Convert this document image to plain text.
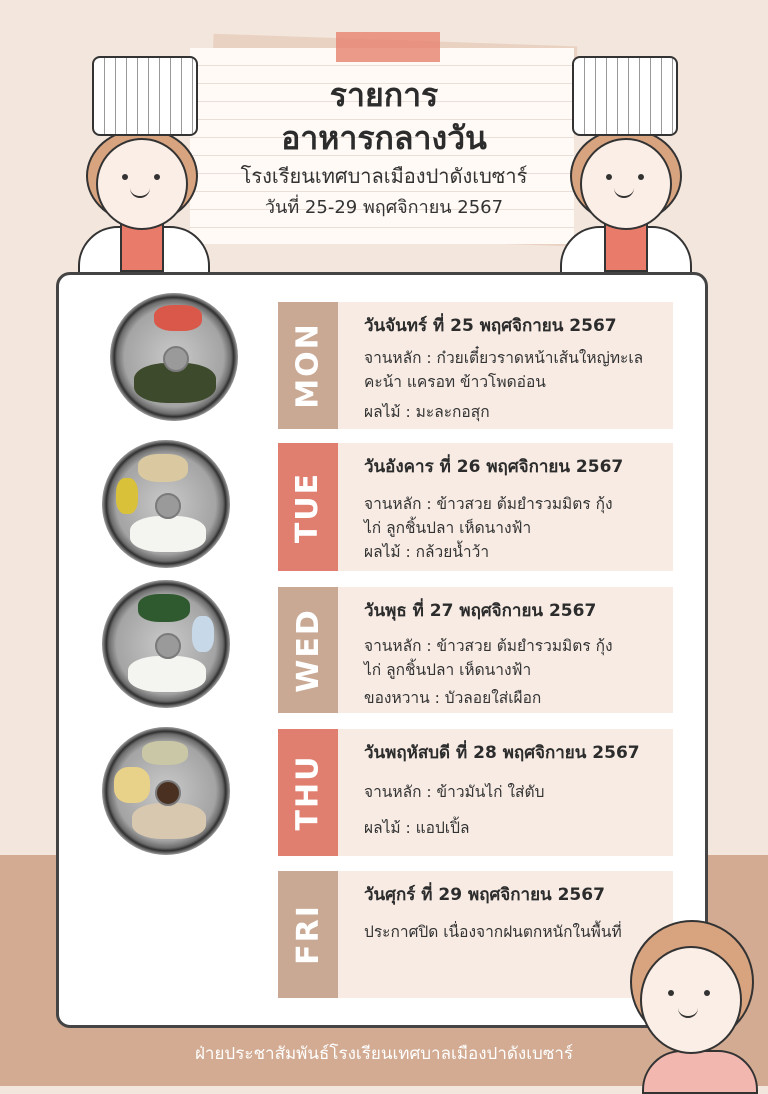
รายการ
อาหารกลางวัน
โรงเรียนเทศบาลเมืองปาดังเบซาร์
วันที่ 25-29 พฤศจิกายน 2567
MON วันจันทร์ ที่ 25 พฤศจิกายน 2567
จานหลัก : ก๋วยเตี๋ยวราดหน้าเส้นใหญ่ทะเล
คะน้า แครอท ข้าวโพดอ่อน
ผลไม้ : มะละกอสุก
TUE
วันอังคาร ที่ 26 พฤศจิกายน 2567
จานหลัก : ข้าวสวย ต้มยำรวมมิตร กุ้ง
ไก่ ลูกชิ้นปลา เห็ดนางฟ้า
ผลไม้ : กล้วยน้ำว้า
WED วันพุธ ที่ 27 พฤศจิกายน 2567
จานหลัก : ข้าวสวย ต้มยำรวมมิตร กุ้ง
ไก่ ลูกชิ้นปลา เห็ดนางฟ้า
ของหวาน : บัวลอยใส่เผือก
THU
วันพฤหัสบดี ที่ 28 พฤศจิกายน 2567
จานหลัก : ข้าวมันไก่ ใส่ตับ
ผลไม้ : แอปเปิ้ล
FRI
วันศุกร์ ที่ 29 พฤศจิกายน 2567
ประกาศปิด เนื่องจากฝนตกหนักในพื้นที่
ฝ่ายประชาสัมพันธ์โรงเรียนเทศบาลเมืองปาดังเบซาร์
